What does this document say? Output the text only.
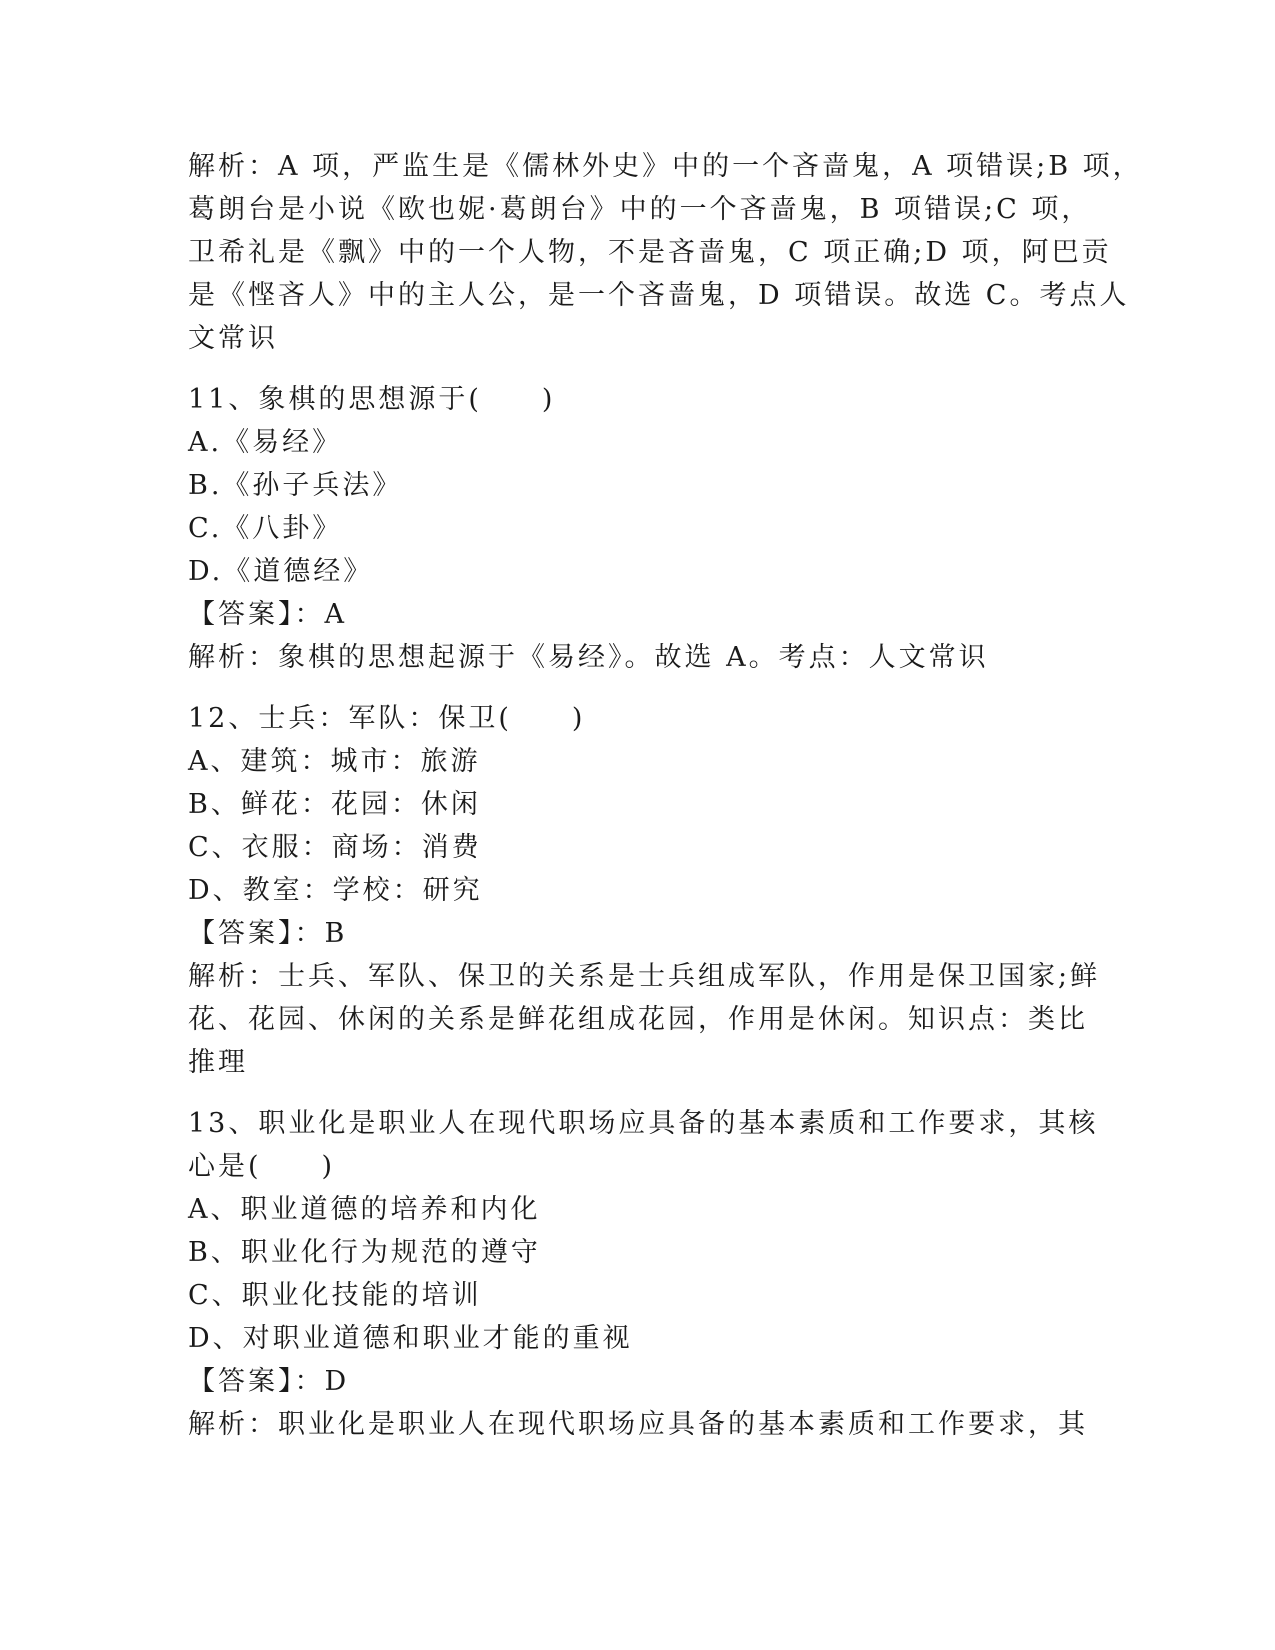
解析：A 项，严监生是《儒林外史》中的一个吝啬鬼，A 项错误;B 项，
葛朗台是小说《欧也妮·葛朗台》中的一个吝啬鬼，B 项错误;C 项，
卫希礼是《飘》中的一个人物，不是吝啬鬼，C 项正确;D 项，阿巴贡
是《悭吝人》中的主人公，是一个吝啬鬼，D 项错误。故选 C。考点人
文常识
11、象棋的思想源于(　　)
A.《易经》
B.《孙子兵法》
C.《八卦》
D.《道德经》
【答案】：A
解析：象棋的思想起源于《易经》。故选 A。考点：人文常识
12、士兵：军队：保卫(　　)
A、建筑：城市：旅游
B、鲜花：花园：休闲
C、衣服：商场：消费
D、教室：学校：研究
【答案】：B
解析：士兵、军队、保卫的关系是士兵组成军队，作用是保卫国家;鲜
花、花园、休闲的关系是鲜花组成花园，作用是休闲。知识点：类比
推理
13、职业化是职业人在现代职场应具备的基本素质和工作要求，其核
心是(　　)
A、职业道德的培养和内化
B、职业化行为规范的遵守
C、职业化技能的培训
D、对职业道德和职业才能的重视
【答案】：D
解析：职业化是职业人在现代职场应具备的基本素质和工作要求，其
